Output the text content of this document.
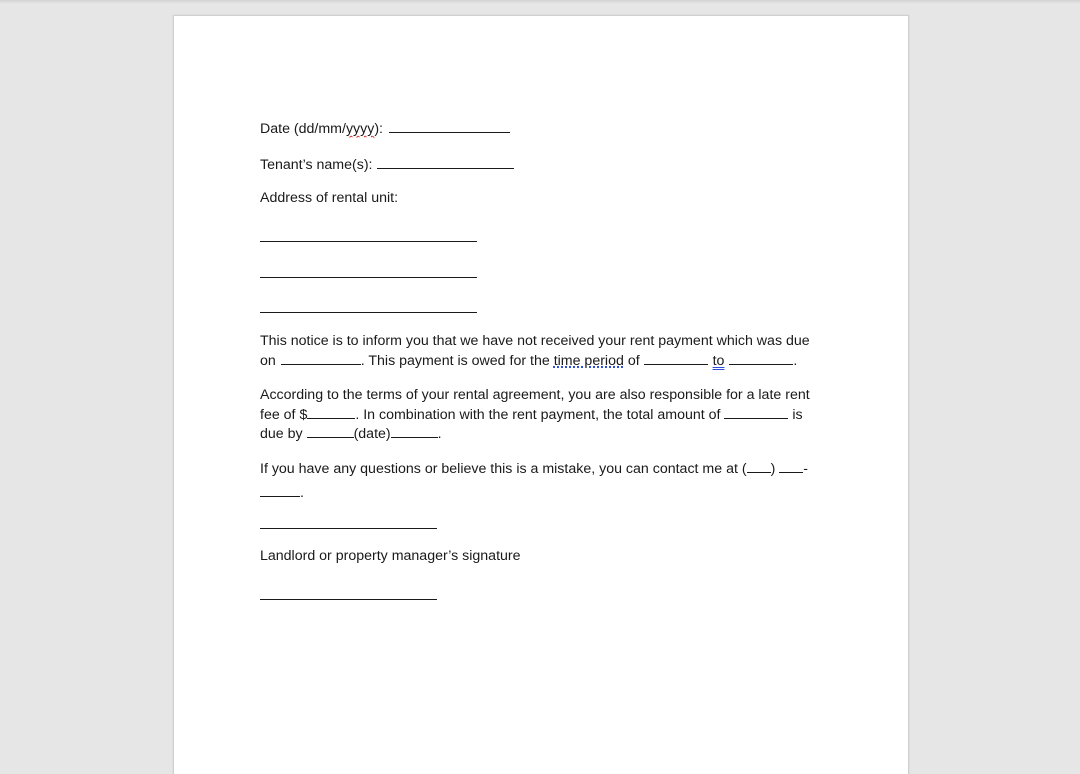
Date (dd/mm/yyyy):
Tenant’s name(s):
Address of rental unit:
This notice is to inform you that we have not received your rent payment which was due
on	. This payment is owed for the time period of	to	.
According to the terms of your rental agreement, you are also responsible for a late rent
fee of $	. In combination with the rent payment, the total amount of	is
due by	(date)	.
If you have any questions or believe this is a mistake, you can contact me at ( ) -
.
Landlord or property manager’s signature
